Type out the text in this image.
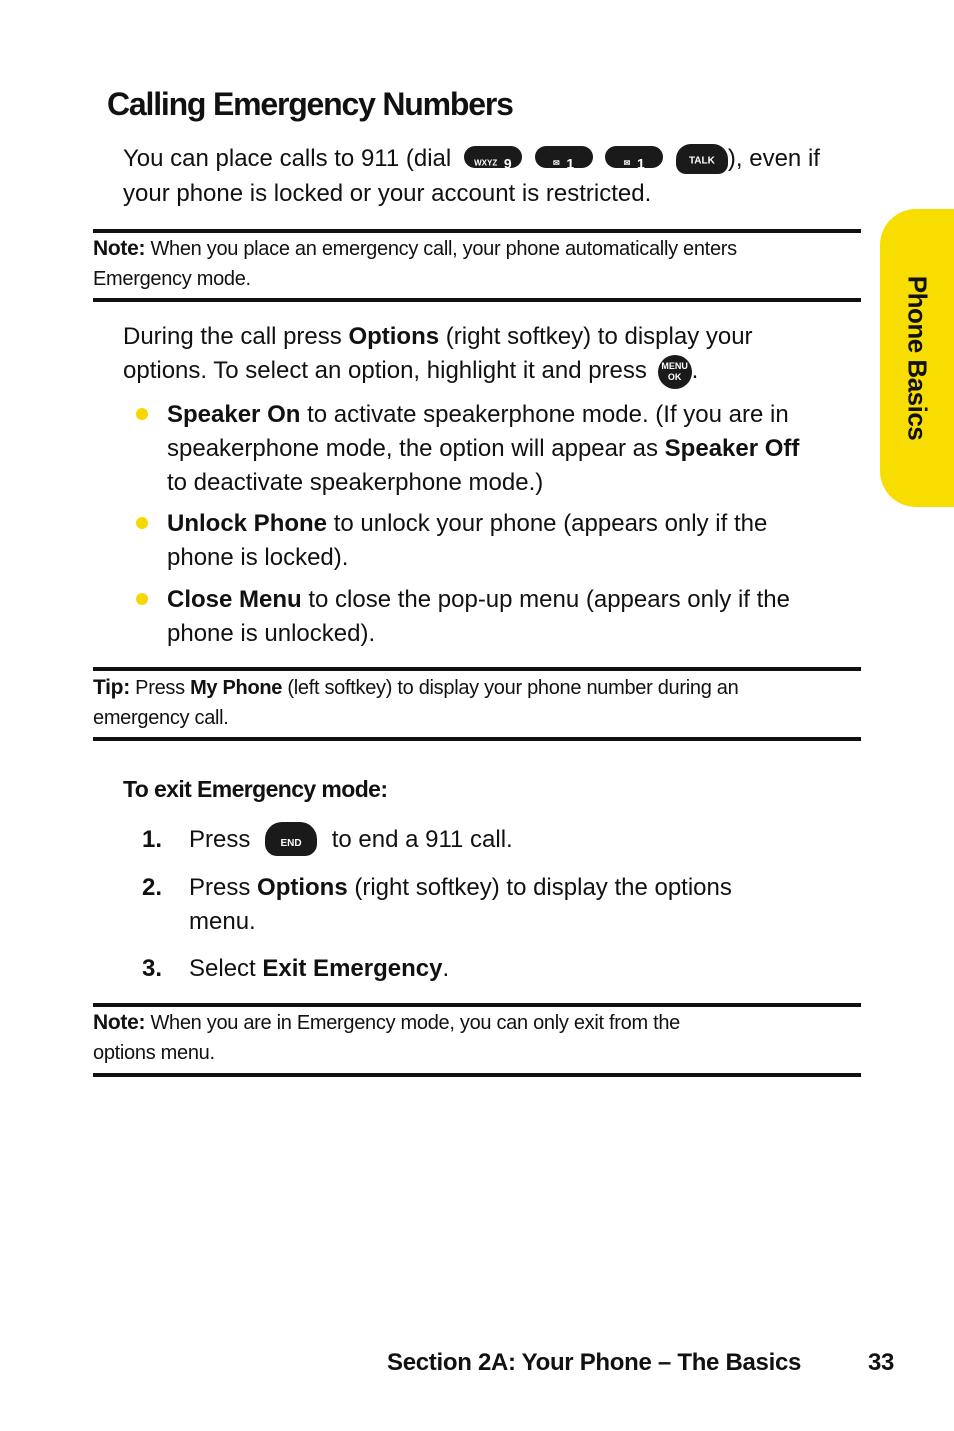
Calling Emergency Numbers
You can place calls to 911 (dial	WXYZ 9	✉ 1	✉ 1	TALK ), even if
your phone is locked or your account is restricted.
Note: When you place an emergency call, your phone automatically enters
Emergency mode.
During the call press Options (right softkey) to display your
options. To select an option, highlight it and press	MENU
OK .
Speaker On to activate speakerphone mode. (If you are in
speakerphone mode, the option will appear as Speaker Off
to deactivate speakerphone mode.)
Unlock Phone to unlock your phone (appears only if the
phone is locked).
Close Menu to close the pop-up menu (appears only if the
phone is unlocked).
Tip: Press My Phone (left softkey) to display your phone number during an
emergency call.
To exit Emergency mode:
1. Press	END to end a 911 call.
2. Press Options (right softkey) to display the options
menu.
3. Select Exit Emergency.
Note: When you are in Emergency mode, you can only exit from the
options menu.
Phone Basics
Section 2A: Your Phone – The Basics	33
